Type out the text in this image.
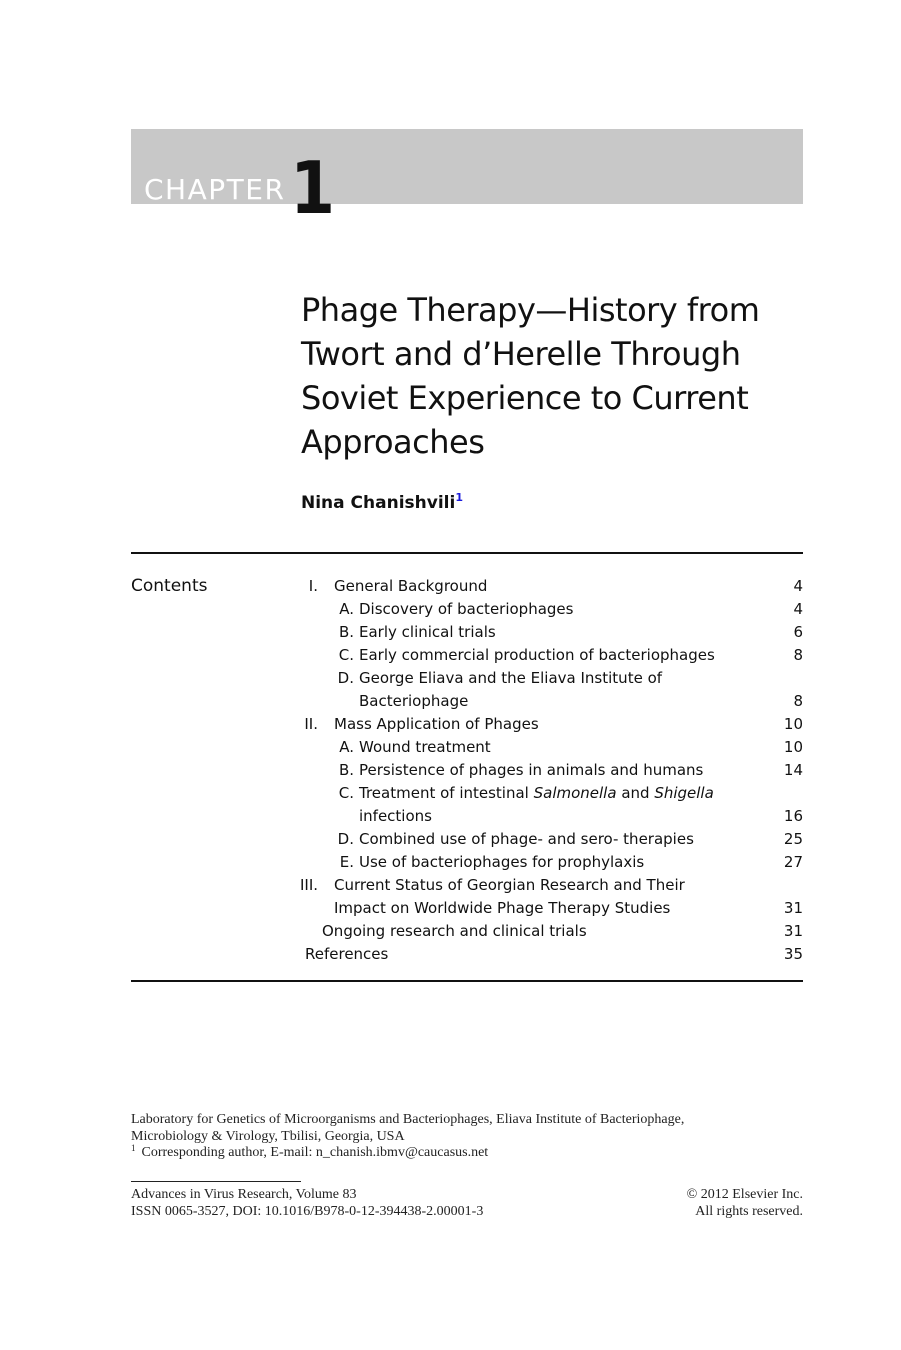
CHAPTER 1
Phage Therapy—History from
Twort and d’Herelle Through
Soviet Experience to Current
Approaches
Nina Chanishvili$^1$
Contents	I. General Background	4
A. Discovery of bacteriophages	4
B. Early clinical trials	6
C. Early commercial production of bacteriophages	8
D. George Eliava and the Eliava Institute of
Bacteriophage	8
II. Mass Application of Phages	10
A. Wound treatment	10
B. Persistence of phages in animals and humans	14
C. Treatment of intestinal Salmonella and Shigella
infections	16
D. Combined use of phage- and sero- therapies	25
E. Use of bacteriophages for prophylaxis	27
III. Current Status of Georgian Research and Their
Impact on Worldwide Phage Therapy Studies	31
Ongoing research and clinical trials	31
References	35
Laboratory for Genetics of Microorganisms and Bacteriophages, Eliava Institute of Bacteriophage,
Microbiology & Virology, Tbilisi, Georgia, USA
$^1$ Corresponding author, E-mail: n_chanish.ibmv@caucasus.net
Advances in Virus Research, Volume 83
ISSN 0065-3527, DOI: 10.1016/B978-0-12-394438-2.00001-3
© 2012 Elsevier Inc.
All rights reserved.
